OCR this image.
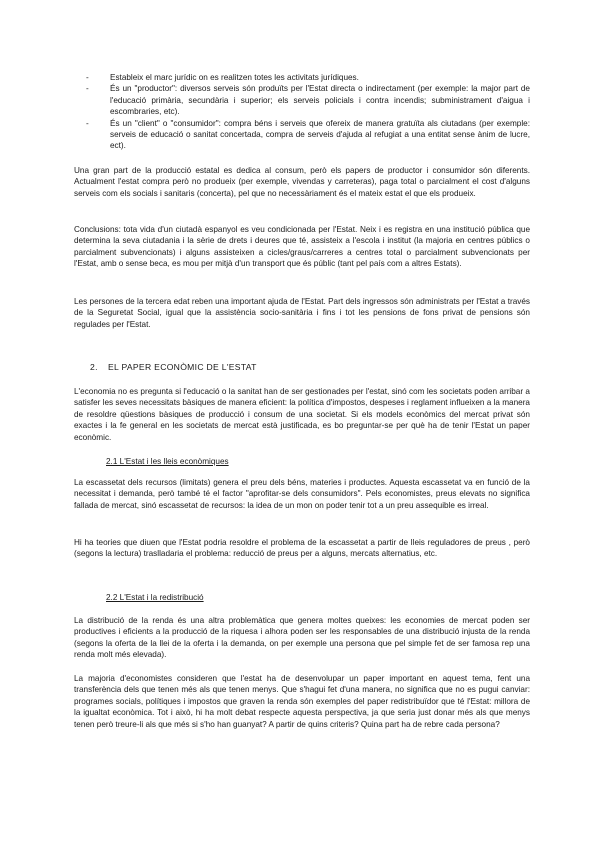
-	Estableix el marc jurídic on es realitzen totes les activitats jurídiques.
-	És un "productor": diversos serveis són produïts per l'Estat directa o indirectament (per exemple: la major part de l'educació primària, secundària i superior; els serveis policials i contra incendis; subministrament d'aigua i escombraries, etc).
-	És un "client" o "consumidor": compra béns i serveis que ofereix de manera gratuïta als ciutadans (per exemple: serveis de educació o sanitat concertada, compra de serveis d'ajuda al refugiat a una entitat sense ànim de lucre, ect).

Una gran part de la producció estatal es dedica al consum, però els papers de productor i consumidor són diferents. Actualment l'estat compra però no produeix (per exemple, vivendas y carreteras), paga total o parcialment el cost d'alguns serveis com els socials i sanitaris (concerta), pel que no necessàriament és el mateix estat el que els produeix.

Conclusions: tota vida d'un ciutadà espanyol es veu condicionada per l'Estat. Neix i es registra en una institució pública que determina la seva ciutadania i la sèrie de drets i deures que té, assisteix a l'escola i institut (la majoria en centres públics o parcialment subvencionats) i alguns assisteixen a cicles/graus/carreres a centres total o parcialment subvencionats per l'Estat, amb o sense beca, es mou per mitjà d'un transport que és públic (tant pel país com a altres Estats).

Les persones de la tercera edat reben una important ajuda de l'Estat. Part dels ingressos són administrats per l'Estat a través de la Seguretat Social, igual que la assistència socio-sanitària i fins i tot les pensions de fons privat de pensions són regulades per l'Estat.

2. EL PAPER ECONÒMIC DE L'ESTAT

L'economia no es pregunta si l'educació o la sanitat han de ser gestionades per l'estat, sinó com les societats poden arribar a satisfer les seves necessitats bàsiques de manera eficient: la política d'impostos, despeses i reglament influeixen a la manera de resoldre qüestions bàsiques de producció i consum de una societat. Si els models econòmics del mercat privat són exactes i la fe general en les societats de mercat està justificada, es bo preguntar-se per què ha de tenir l'Estat un paper econòmic.

2.1 L'Estat i les lleis econòmiques

La escassetat dels recursos (limitats) genera el preu dels béns, materies i productes. Aquesta escassetat va en funció de la necessitat i demanda, però també té el factor "aprofitar-se dels consumidors". Pels economistes, preus elevats no significa fallada de mercat, sinó escassetat de recursos: la idea de un mon on poder tenir tot a un preu assequible es irreal.

Hi ha teories que diuen que l'Estat podria resoldre el problema de la escassetat a partir de lleis reguladores de preus , però (segons la lectura) traslladaria el problema: reducció de preus per a alguns, mercats alternatius, etc.

2.2 L'Estat i la redistribució

La distribució de la renda és una altra problemàtica que genera moltes queixes: les economies de mercat poden ser productives i eficients a la producció de la riquesa i alhora poden ser les responsables de una distribució injusta de la renda (segons la oferta de la llei de la oferta i la demanda, on per exemple una persona que pel simple fet de ser famosa rep una renda molt més elevada).

La majoria d'economistes consideren que l'estat ha de desenvolupar un paper important en aquest tema, fent una transferència dels que tenen més als que tenen menys. Que s'hagui fet d'una manera, no significa que no es pugui canviar: programes socials, polítiques i impostos que graven la renda són exemples del paper redistribuïdor que té l'Estat: millora de la igualtat econòmica. Tot i això, hi ha molt debat respecte aquesta perspectiva, ja que seria just donar més als que menys tenen però treure-li als que més si s'ho han guanyat? A partir de quins criteris? Quina part ha de rebre cada persona?
